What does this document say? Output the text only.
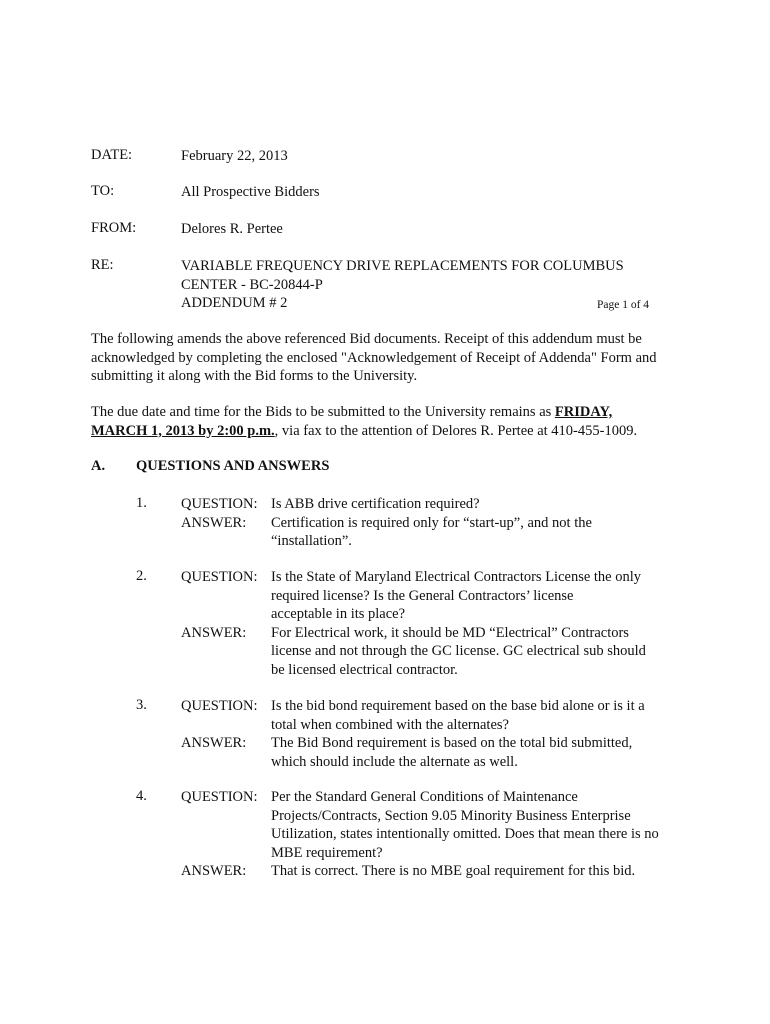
DATE:	February 22, 2013
TO:	All Prospective Bidders
FROM:	Delores R. Pertee
RE:	VARIABLE FREQUENCY DRIVE REPLACEMENTS FOR COLUMBUS
CENTER - BC-20844-P
ADDENDUM # 2	Page 1 of 4
The following amends the above referenced Bid documents. Receipt of this addendum must be
acknowledged by completing the enclosed "Acknowledgement of Receipt of Addenda" Form and
submitting it along with the Bid forms to the University.
The due date and time for the Bids to be submitted to the University remains as FRIDAY,
MARCH 1, 2013 by 2:00 p.m., via fax to the attention of Delores R. Pertee at 410-455-1009.
A. QUESTIONS AND ANSWERS
1. QUESTION: Is ABB drive certification required?
ANSWER: Certification is required only for “start-up”, and not the
“installation”.
2. QUESTION: Is the State of Maryland Electrical Contractors License the only
required license? Is the General Contractors’ license
acceptable in its place?
ANSWER: For Electrical work, it should be MD “Electrical” Contractors
license and not through the GC license. GC electrical sub should
be licensed electrical contractor.
3. QUESTION: Is the bid bond requirement based on the base bid alone or is it a
total when combined with the alternates?
ANSWER: The Bid Bond requirement is based on the total bid submitted,
which should include the alternate as well.
4. QUESTION: Per the Standard General Conditions of Maintenance
Projects/Contracts, Section 9.05 Minority Business Enterprise
Utilization, states intentionally omitted. Does that mean there is no
MBE requirement?
ANSWER: That is correct. There is no MBE goal requirement for this bid.
